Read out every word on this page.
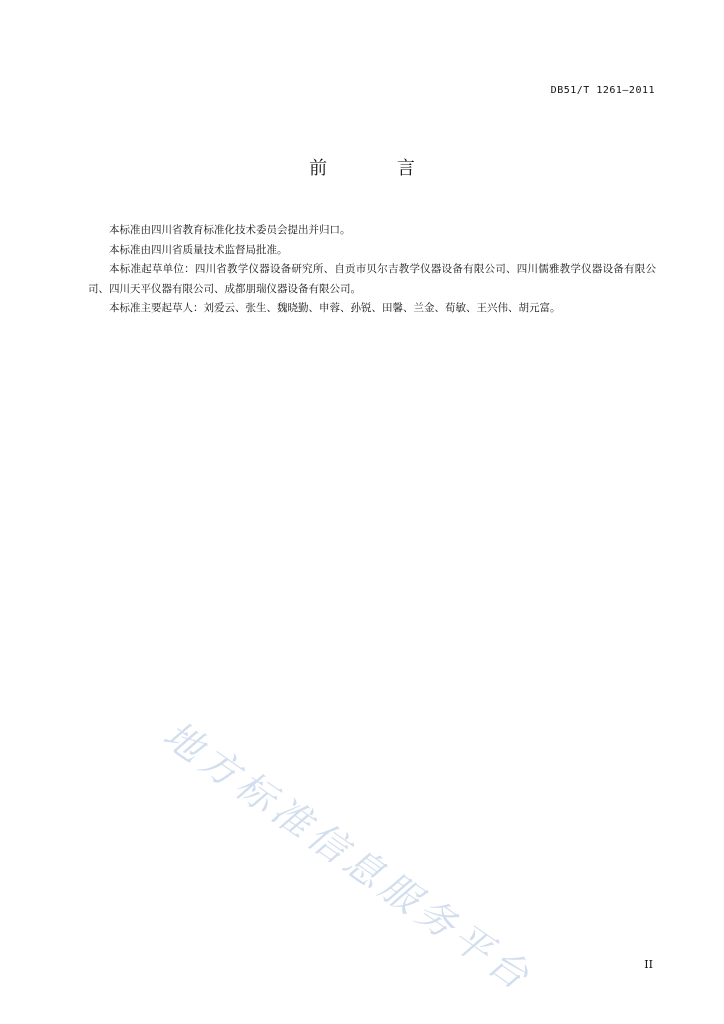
DB51/T 1261—2011
前 言

本标准由四川省教育标准化技术委员会提出并归口。

本标准由四川省质量技术监督局批准。

本标准起草单位：四川省教学仪器设备研究所、自贡市贝尔吉教学仪器设备有限公司、四川儒雅教学仪器设备有限公司、四川天平仪器有限公司、成都朋瑞仪器设备有限公司。

本标准主要起草人：刘爱云、张生、魏晓勤、申蓉、孙锐、田馨、兰金、荀敏、王兴伟、胡元富。

地方标准信息服务平台	II
